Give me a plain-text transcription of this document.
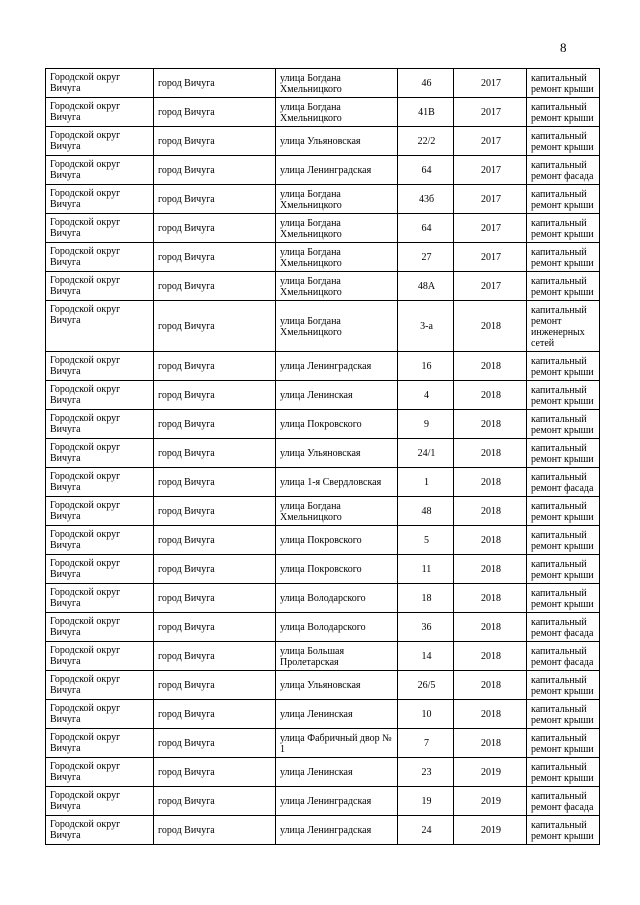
8
Городской округ Вичуга	город Вичуга	улица Богдана Хмельницкого	46	2017	капитальный ремонт крыши
Городской округ Вичуга	город Вичуга	улица Богдана Хмельницкого	41В	2017	капитальный ремонт крыши
Городской округ Вичуга	город Вичуга	улица Ульяновская	22/2	2017	капитальный ремонт крыши
Городской округ Вичуга	город Вичуга	улица Ленинградская	64	2017	капитальный ремонт фасада
Городской округ Вичуга	город Вичуга	улица Богдана Хмельницкого	43б	2017	капитальный ремонт крыши
Городской округ Вичуга	город Вичуга	улица Богдана Хмельницкого	64	2017	капитальный ремонт крыши
Городской округ Вичуга	город Вичуга	улица Богдана Хмельницкого	27	2017	капитальный ремонт крыши
Городской округ Вичуга	город Вичуга	улица Богдана Хмельницкого	48А	2017	капитальный ремонт крыши
Городской округ Вичуга	город Вичуга	улица Богдана Хмельницкого	3-а	2018	капитальный ремонт инженерных сетей
Городской округ Вичуга	город Вичуга	улица Ленинградская	16	2018	капитальный ремонт крыши
Городской округ Вичуга	город Вичуга	улица Ленинская	4	2018	капитальный ремонт крыши
Городской округ Вичуга	город Вичуга	улица Покровского	9	2018	капитальный ремонт крыши
Городской округ Вичуга	город Вичуга	улица Ульяновская	24/1	2018	капитальный ремонт крыши
Городской округ Вичуга	город Вичуга	улица 1-я Свердловская	1	2018	капитальный ремонт фасада
Городской округ Вичуга	город Вичуга	улица Богдана Хмельницкого	48	2018	капитальный ремонт крыши
Городской округ Вичуга	город Вичуга	улица Покровского	5	2018	капитальный ремонт крыши
Городской округ Вичуга	город Вичуга	улица Покровского	11	2018	капитальный ремонт крыши
Городской округ Вичуга	город Вичуга	улица Володарского	18	2018	капитальный ремонт крыши
Городской округ Вичуга	город Вичуга	улица Володарского	36	2018	капитальный ремонт фасада
Городской округ Вичуга	город Вичуга	улица Большая Пролетарская	14	2018	капитальный ремонт фасада
Городской округ Вичуга	город Вичуга	улица Ульяновская	26/5	2018	капитальный ремонт крыши
Городской округ Вичуга	город Вичуга	улица Ленинская	10	2018	капитальный ремонт крыши
Городской округ Вичуга	город Вичуга	улица Фабричный двор № 1	7	2018	капитальный ремонт крыши
Городской округ Вичуга	город Вичуга	улица Ленинская	23	2019	капитальный ремонт крыши
Городской округ Вичуга	город Вичуга	улица Ленинградская	19	2019	капитальный ремонт фасада
Городской округ Вичуга	город Вичуга	улица Ленинградская	24	2019	капитальный ремонт крыши
